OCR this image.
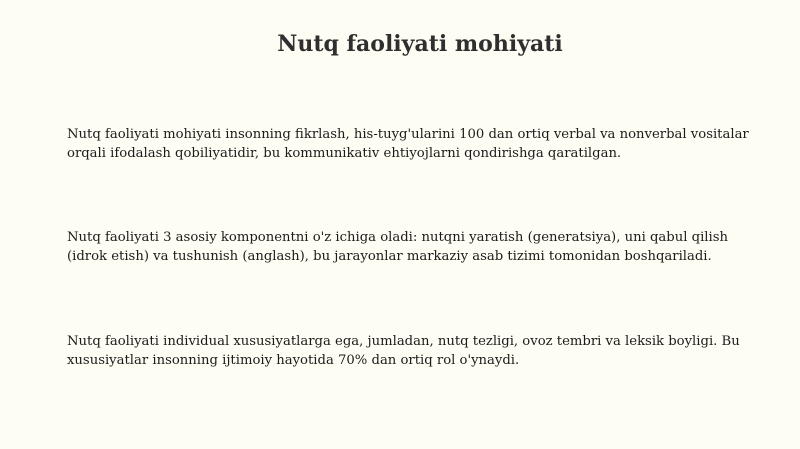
Nutq faoliyati mohiyati

Nutq faoliyati mohiyati insonning fikrlash, his-tuyg'ularini 100 dan ortiq verbal va nonverbal vositalar orqali ifodalash qobiliyatidir, bu kommunikativ ehtiyojlarni qondirishga qaratilgan.

Nutq faoliyati 3 asosiy komponentni o'z ichiga oladi: nutqni yaratish (generatsiya), uni qabul qilish (idrok etish) va tushunish (anglash), bu jarayonlar markaziy asab tizimi tomonidan boshqariladi.

Nutq faoliyati individual xususiyatlarga ega, jumladan, nutq tezligi, ovoz tembri va leksik boyligi. Bu xususiyatlar insonning ijtimoiy hayotida 70% dan ortiq rol o'ynaydi.
